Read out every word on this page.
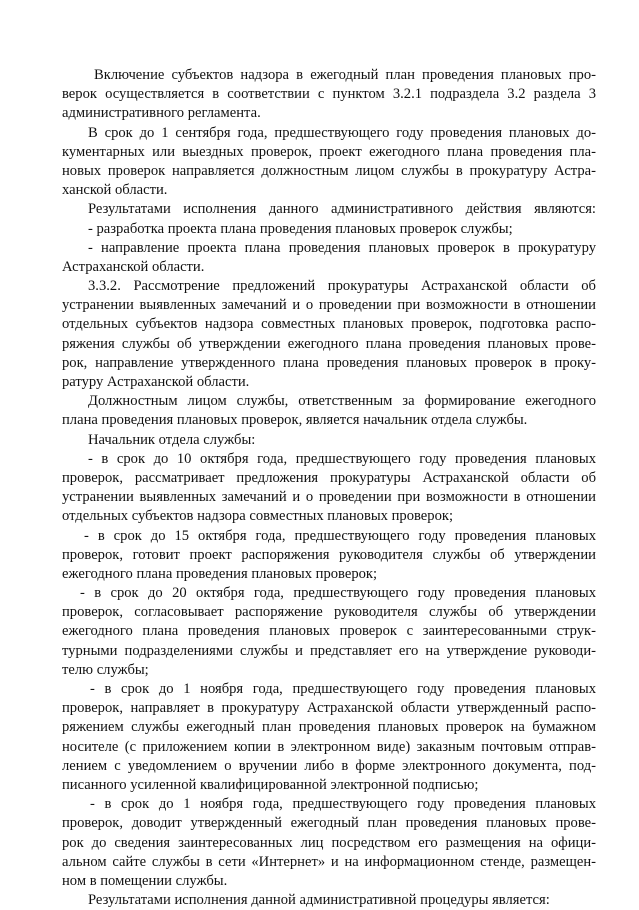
Включение субъектов надзора в ежегодный план проведения плановых про-
верок осуществляется в соответствии с пунктом 3.2.1 подраздела 3.2 раздела 3
административного регламента.
В срок до 1 сентября года, предшествующего году проведения плановых до-
кументарных или выездных проверок, проект ежегодного плана проведения пла-
новых проверок направляется должностным лицом службы в прокуратуру Астра-
ханской области.
Результатами исполнения данного административного действия являются:
- разработка проекта плана проведения плановых проверок службы;
- направление проекта плана проведения плановых проверок в прокуратуру
Астраханской области.
3.3.2. Рассмотрение предложений прокуратуры Астраханской области об
устранении выявленных замечаний и о проведении при возможности в отношении
отдельных субъектов надзора совместных плановых проверок, подготовка распо-
ряжения службы об утверждении ежегодного плана проведения плановых прове-
рок, направление утвержденного плана проведения плановых проверок в проку-
ратуру Астраханской области.
Должностным лицом службы, ответственным за формирование ежегодного
плана проведения плановых проверок, является начальник отдела службы.
Начальник отдела службы:
- в срок до 10 октября года, предшествующего году проведения плановых
проверок, рассматривает предложения прокуратуры Астраханской области об
устранении выявленных замечаний и о проведении при возможности в отношении
отдельных субъектов надзора совместных плановых проверок;
- в срок до 15 октября года, предшествующего году проведения плановых
проверок, готовит проект распоряжения руководителя службы об утверждении
ежегодного плана проведения плановых проверок;
- в срок до 20 октября года, предшествующего году проведения плановых
проверок, согласовывает распоряжение руководителя службы об утверждении
ежегодного плана проведения плановых проверок с заинтересованными струк-
турными подразделениями службы и представляет его на утверждение руководи-
телю службы;
- в срок до 1 ноября года, предшествующего году проведения плановых
проверок, направляет в прокуратуру Астраханской области утвержденный распо-
ряжением службы ежегодный план проведения плановых проверок на бумажном
носителе (с приложением копии в электронном виде) заказным почтовым отправ-
лением с уведомлением о вручении либо в форме электронного документа, под-
писанного усиленной квалифицированной электронной подписью;
- в срок до 1 ноября года, предшествующего году проведения плановых
проверок, доводит утвержденный ежегодный план проведения плановых прове-
рок до сведения заинтересованных лиц посредством его размещения на офици-
альном сайте службы в сети «Интернет» и на информационном стенде, размещен-
ном в помещении службы.
Результатами исполнения данной административной процедуры является:
